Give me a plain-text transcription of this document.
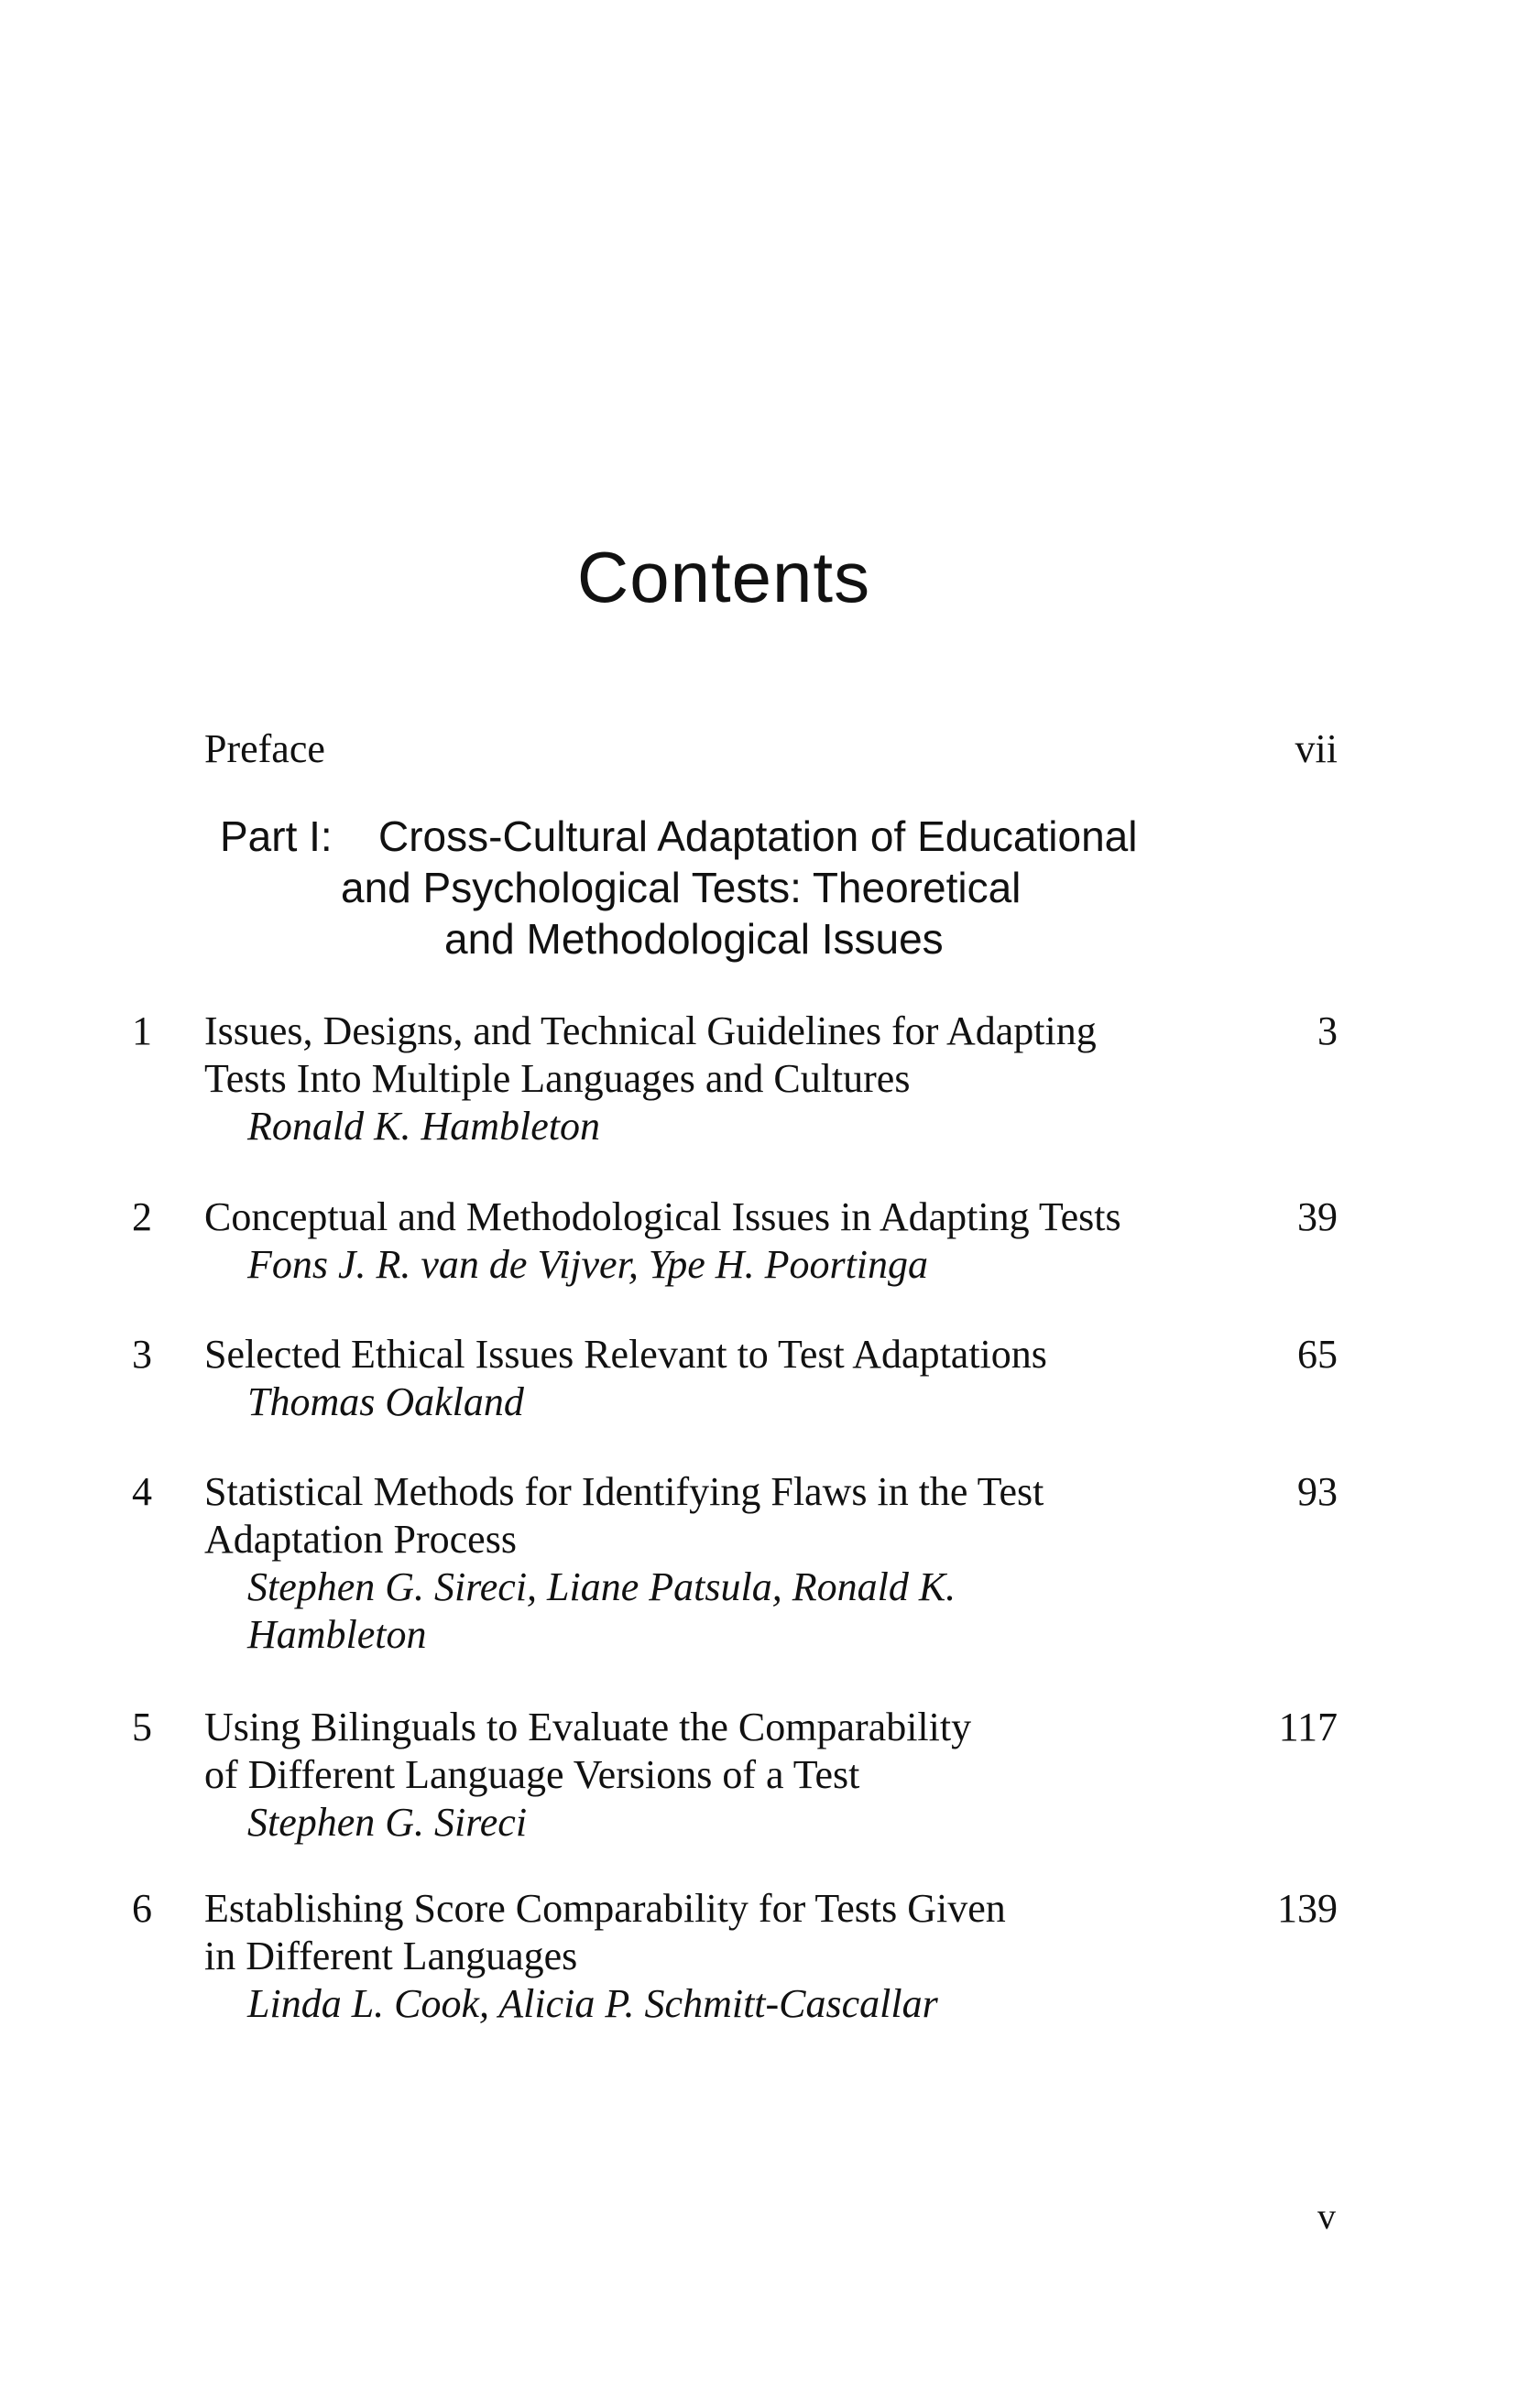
Contents
Preface	vii
Part I: Cross-Cultural Adaptation of Educational
and Psychological Tests: Theoretical
and Methodological Issues
1	Issues, Designs, and Technical Guidelines for Adapting
Tests Into Multiple Languages and Cultures
Ronald K. Hambleton
3
2	Conceptual and Methodological Issues in Adapting Tests
Fons J. R. van de Vijver, Ype H. Poortinga
39
3	Selected Ethical Issues Relevant to Test Adaptations
Thomas Oakland
65
4	Statistical Methods for Identifying Flaws in the Test
Adaptation Process
Stephen G. Sireci, Liane Patsula, Ronald K.
Hambleton
93
5	Using Bilinguals to Evaluate the Comparability
of Different Language Versions of a Test
Stephen G. Sireci
117
6	Establishing Score Comparability for Tests Given
in Different Languages
Linda L. Cook, Alicia P. Schmitt-Cascallar
139
v
